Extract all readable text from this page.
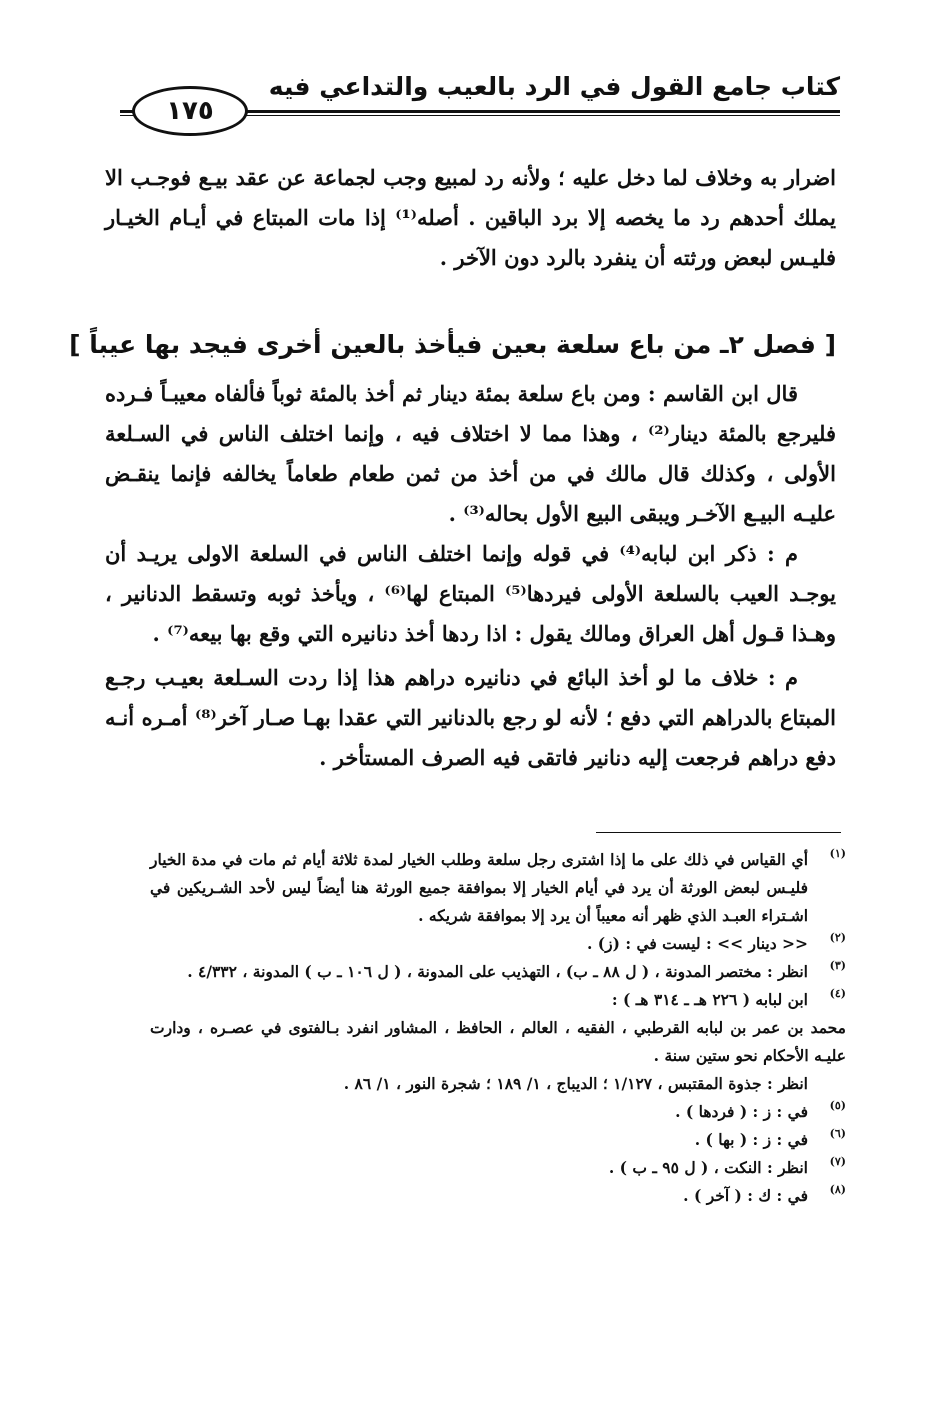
كتاب جامع القول في الرد بالعيب والتداعي فيه
١٧٥

اضرار به وخلاف لما دخل عليه ؛ ولأنه رد لمبيع وجب لجماعة عن عقد بيـع فوجـب الا يملك أحدهم رد ما يخصه إلا برد الباقين . أصله⁽¹⁾ إذا مات المبتاع في أيـام الخيـار فليـس لبعض ورثته أن ينفرد بالرد دون الآخر .

[ فصل ٢ـ من باع سلعة بعين فيأخذ بالعين أخرى فيجد بها عيباً ]

قال ابن القاسم : ومن باع سلعة بمئة دينار ثم أخذ بالمئة ثوباً فألفاه معيبـاً فـرده فليرجع بالمئة دينار⁽²⁾ ، وهذا مما لا اختلاف فيه ، وإنما اختلف الناس في السـلعة الأولى ، وكذلك قال مالك في من أخذ من ثمن طعام طعاماً يخالفه فإنما ينقـض عليـه البيـع الآخـر ويبقى البيع الأول بحاله⁽³⁾ .

م : ذكر ابن لبابه⁽⁴⁾ في قوله وإنما اختلف الناس في السلعة الاولى يريـد أن يوجـد العيب بالسلعة الأولى فيردها⁽⁵⁾ المبتاع لها⁽⁶⁾ ، ويأخذ ثوبه وتسقط الدنانير ، وهـذا قـول أهل العراق ومالك يقول : اذا ردها أخذ دنانيره التي وقع بها بيعه⁽⁷⁾ .

م : خلاف ما لو أخذ البائع في دنانيره دراهم هذا إذا ردت السـلعة بعيـب رجـع المبتاع بالدراهم التي دفع ؛ لأنه لو رجع بالدنانير التي عقدا بهـا صـار آخر⁽⁸⁾ أمـره أنـه دفع دراهم فرجعت إليه دنانير فاتقى فيه الصرف المستأخر .

(١)
أي القياس في ذلك على ما إذا اشترى رجل سلعة وطلب الخيار لمدة ثلاثة أيام ثم مات في مدة الخيار فليـس لبعض الورثة أن يرد في أيام الخيار إلا بموافقة جميع الورثة هنا أيضاً ليس لأحد الشـريكين في اشـتراء العبـد الذي ظهر أنه معيباً أن يرد إلا بموافقة شريكه .
(٢)
<< دينار >> : ليست في : (ز) .
(٣)
انظر : مختصر المدونة ، ( ل ٨٨ ـ ب) ، التهذيب على المدونة ، ( ل ١٠٦ ـ ب ) المدونة ، ٤/٣٣٢ .
(٤)
ابن لبابه ( ٢٢٦ هـ ـ ٣١٤ هـ ) :
محمد بن عمر بن لبابه القرطبي ، الفقيه ، العالم ، الحافظ ، المشاور انفرد بـالفتوى في عصـره ، ودارت عليـه الأحكام نحو ستين سنة .
انظر : جذوة المقتبس ، ١/١٢٧ ؛ الديباج ، ١/ ١٨٩ ؛ شجرة النور ، ١/ ٨٦ .
(٥)
في : ز : ( فردها ) .
(٦)
في : ز : ( بها ) .
(٧)
انظر : النكت ، ( ل ٩٥ ـ ب ) .
(٨)
في : ك : ( آخر ) .
